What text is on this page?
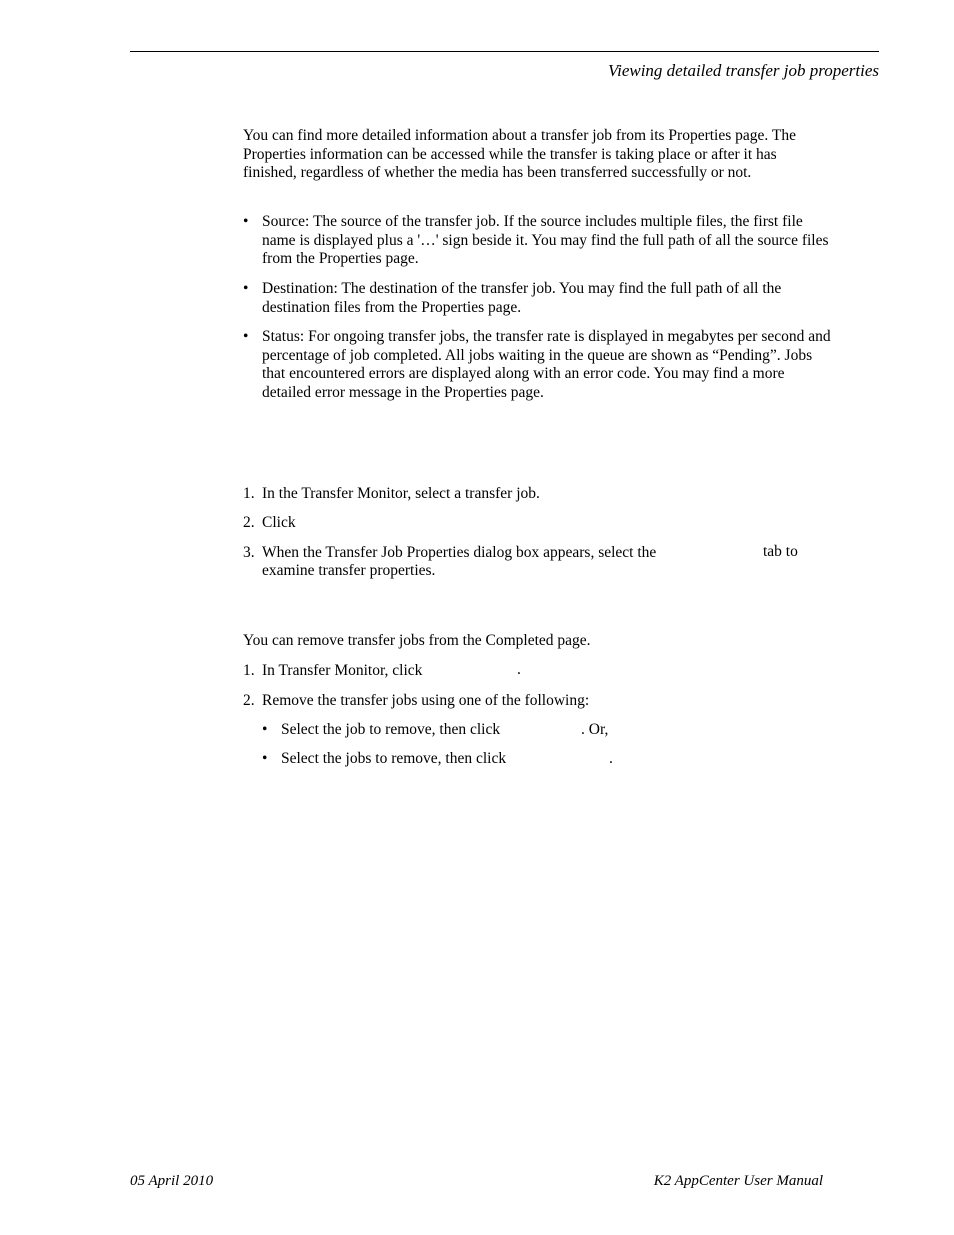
Viewing detailed transfer job properties

You can find more detailed information about a transfer job from its Properties page. The Properties information can be accessed while the transfer is taking place or after it has finished, regardless of whether the media has been transferred successfully or not.

• Source: The source of the transfer job. If the source includes multiple files, the first file name is displayed plus a '…' sign beside it. You may find the full path of all the source files from the Properties page.
• Destination: The destination of the transfer job. You may find the full path of all the destination files from the Properties page.
• Status: For ongoing transfer jobs, the transfer rate is displayed in megabytes per second and percentage of job completed. All jobs waiting in the queue are shown as “Pending”. Jobs that encountered errors are displayed along with an error code. You may find a more detailed error message in the Properties page.
1. In the Transfer Monitor, select a transfer job.
2. Click
3. When the Transfer Job Properties dialog box appears, select the	tab to
examine transfer properties.
You can remove transfer jobs from the Completed page.
1. In Transfer Monitor, click	.
2. Remove the transfer jobs using one of the following:
• Select the job to remove, then click	. Or,
• Select the jobs to remove, then click	.
05 April 2010	K2 AppCenter User Manual
